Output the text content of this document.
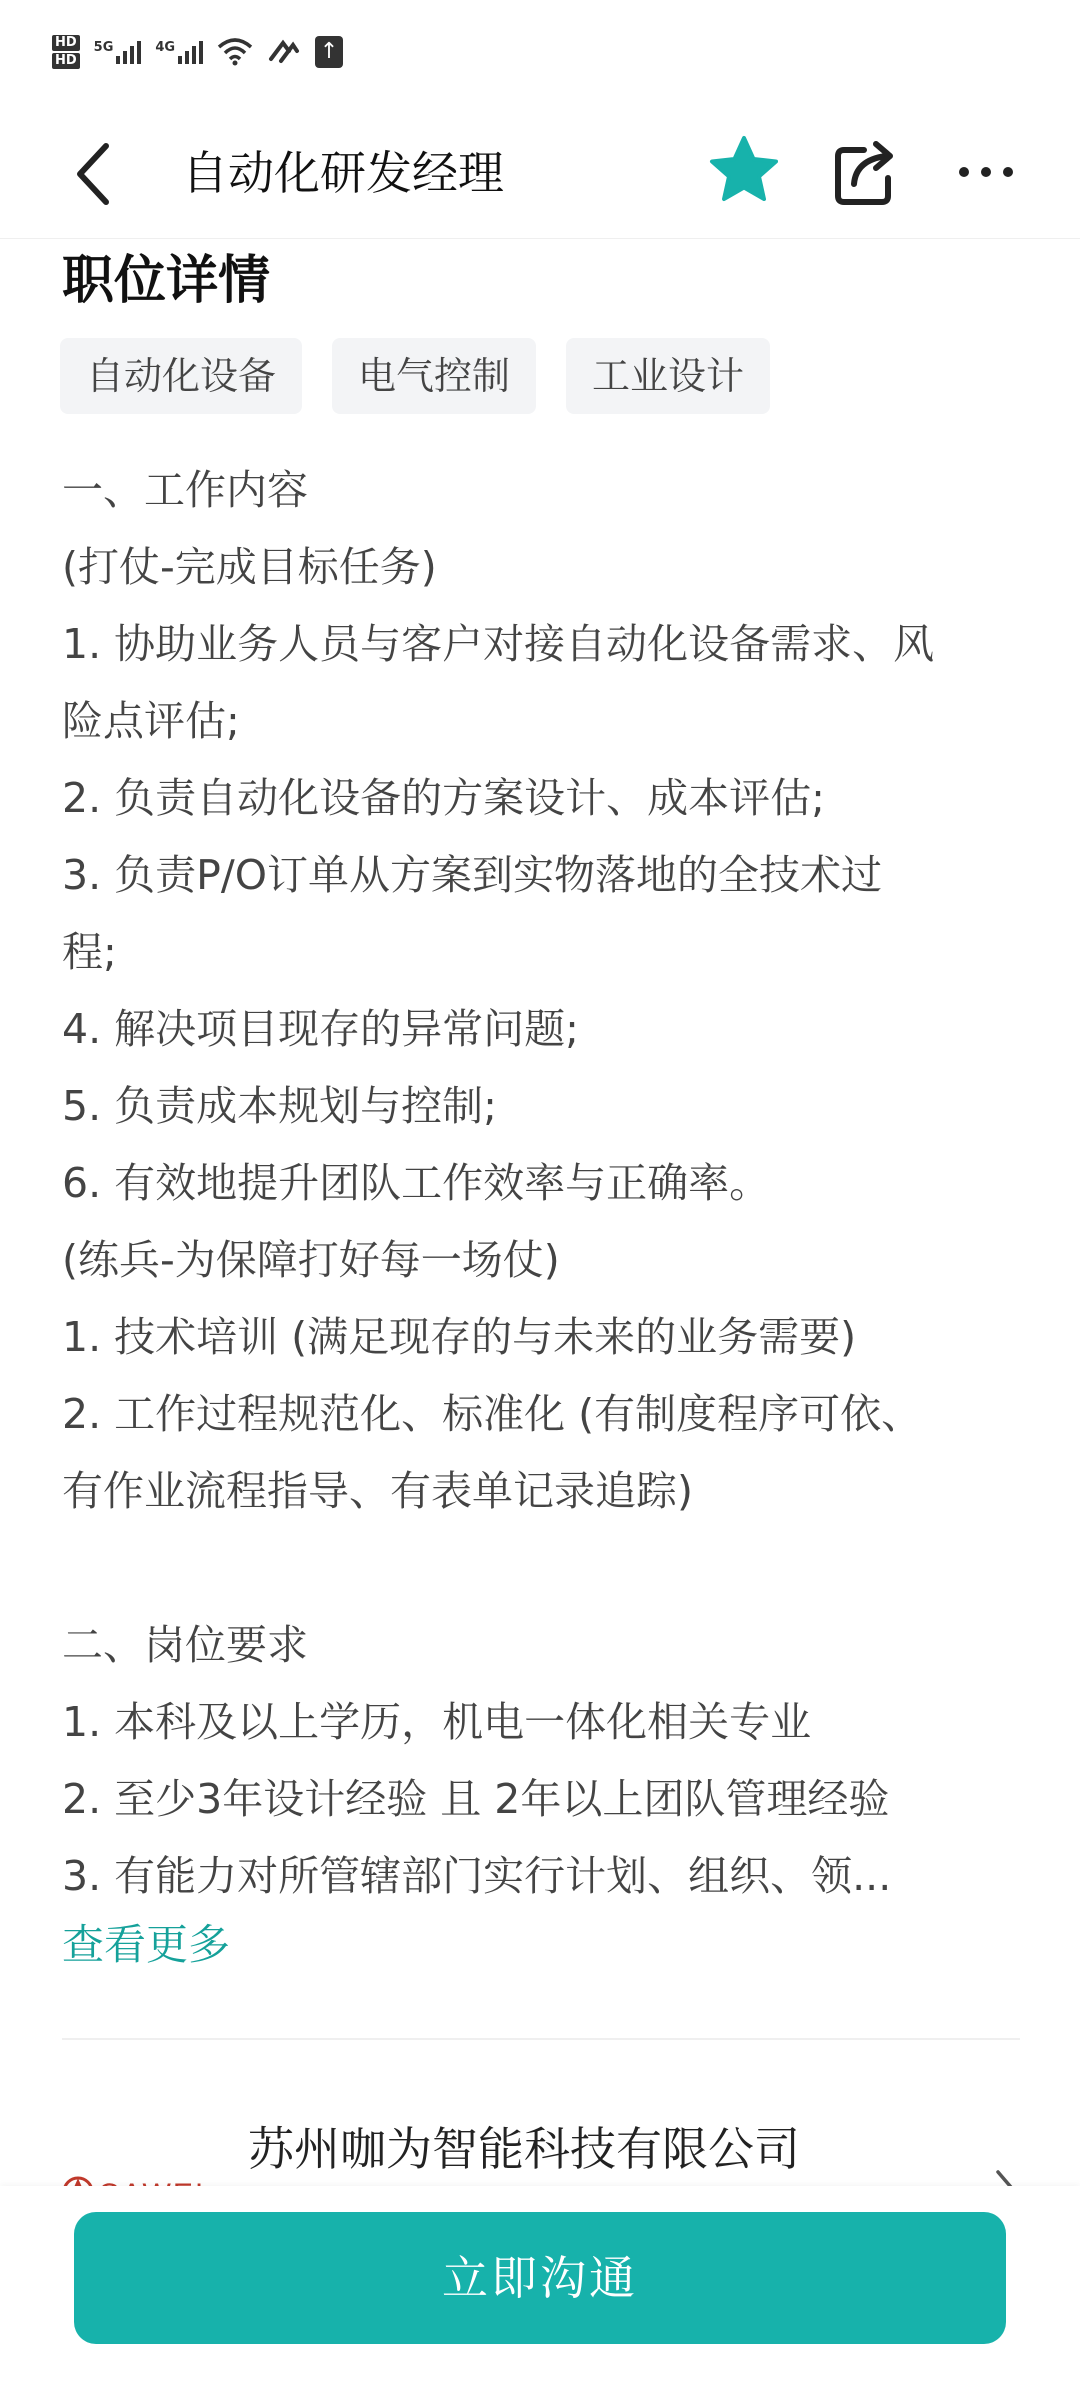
HD
HD
5G	4G	↑
自动化研发经理
职位详情
自动化设备	电气控制	工业设计

一、工作内容

(打仗-完成目标任务)

1. 协助业务人员与客户对接自动化设备需求、风

险点评估;

2. 负责自动化设备的方案设计、成本评估;

3. 负责P/O订单从方案到实物落地的全技术过

程;

4. 解决项目现存的异常问题;

5. 负责成本规划与控制;

6. 有效地提升团队工作效率与正确率。

(练兵-为保障打好每一场仗)

1. 技术培训 (满足现存的与未来的业务需要)

2. 工作过程规范化、标准化 (有制度程序可依、

有作业流程指导、有表单记录追踪)

二、岗位要求

1. 本科及以上学历，机电一体化相关专业

2. 至少3年设计经验 且 2年以上团队管理经验

3. 有能力对所管辖部门实行计划、组织、领...

查看更多
苏州咖为智能科技有限公司
立即沟通
